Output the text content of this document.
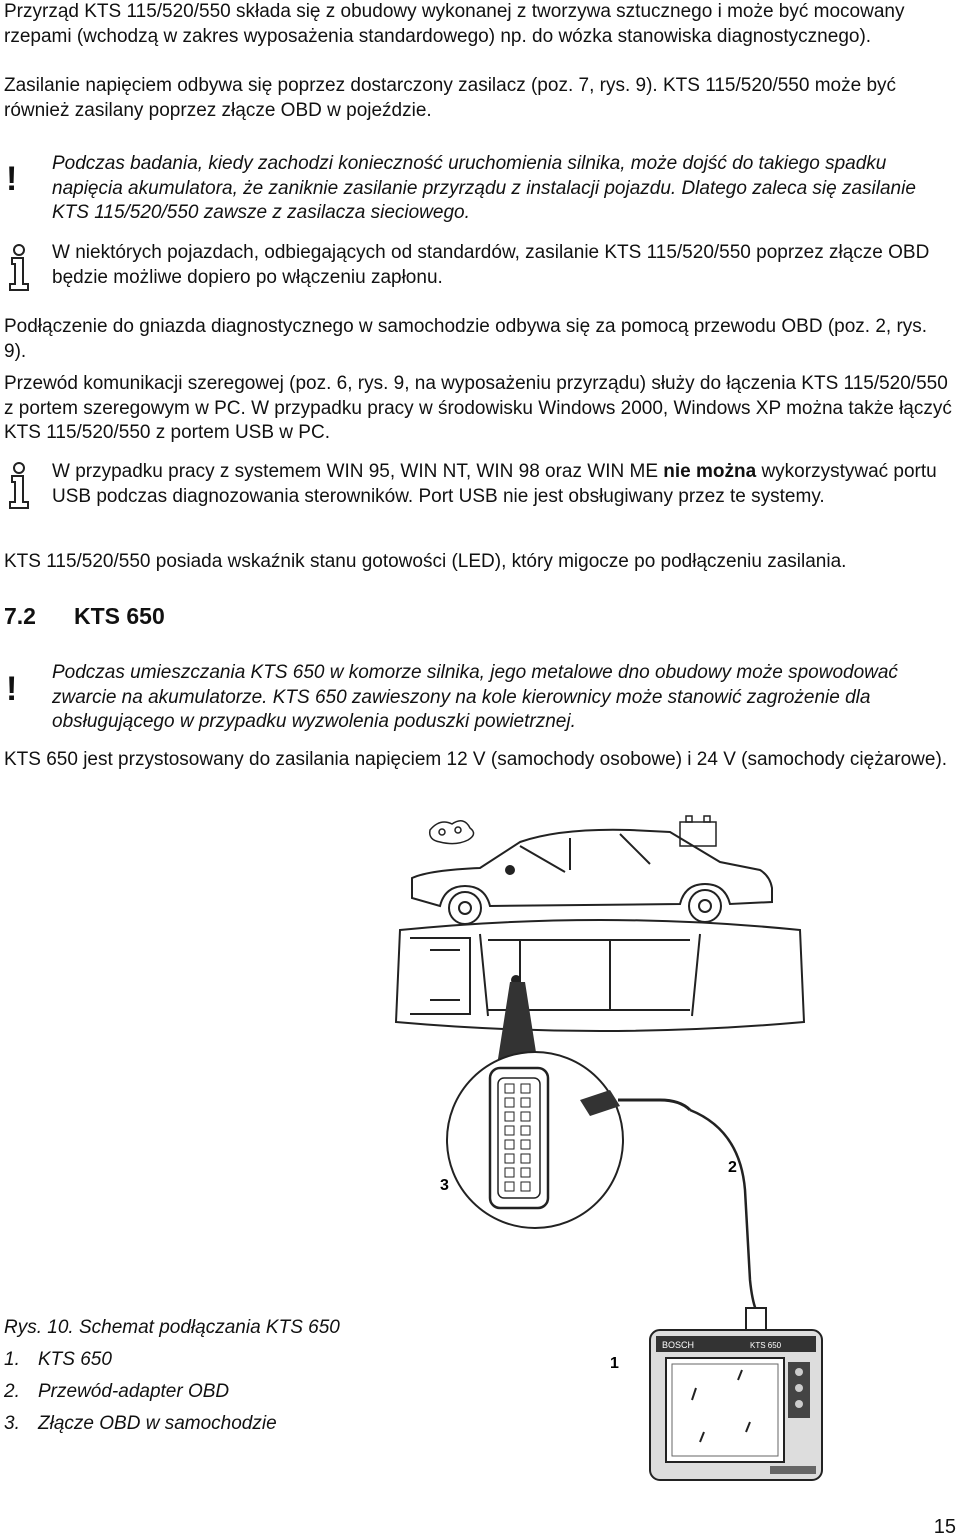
Przyrząd KTS 115/520/550 składa się z obudowy wykonanej z tworzywa sztucznego i może być mocowany rzepami (wchodzą w zakres wyposażenia standardowego) np. do wózka stanowiska diagnostycznego).

Zasilanie napięciem odbywa się poprzez dostarczony zasilacz (poz. 7, rys. 9). KTS 115/520/550 może być również zasilany poprzez złącze OBD w pojeździe.

! Podczas badania, kiedy zachodzi konieczność uruchomienia silnika, może dojść do takiego spadku napięcia akumulatora, że zaniknie zasilanie przyrządu z instalacji pojazdu. Dlatego zaleca się zasilanie KTS 115/520/550 zawsze z zasilacza sieciowego.

W niektórych pojazdach, odbiegających od standardów, zasilanie KTS 115/520/550 poprzez złącze OBD będzie możliwe dopiero po włączeniu zapłonu.

Podłączenie do gniazda diagnostycznego w samochodzie odbywa się za pomocą przewodu OBD (poz. 2, rys. 9).

Przewód komunikacji szeregowej (poz. 6, rys. 9, na wyposażeniu przyrządu) służy do łączenia KTS 115/520/550 z portem szeregowym w PC. W przypadku pracy w środowisku Windows 2000, Windows XP można także łączyć KTS 115/520/550 z portem USB w PC.

W przypadku pracy z systemem WIN 95, WIN NT, WIN 98 oraz WIN ME nie można wykorzystywać portu USB podczas diagnozowania sterowników. Port USB nie jest obsługiwany przez te systemy.

KTS 115/520/550 posiada wskaźnik stanu gotowości (LED), który migocze po podłączeniu zasilania.

7.2 KTS 650
! Podczas umieszczania KTS 650 w komorze silnika, jego metalowe dno obudowy może spowodować zwarcie na akumulatorze. KTS 650 zawieszony na kole kierownicy może stanowić zagrożenie dla obsługującego w przypadku wyzwolenia poduszki powietrznej.

KTS 650 jest przystosowany do zasilania napięciem 12 V (samochody osobowe) i 24 V (samochody ciężarowe).

3
2
1
BOSCH	KTS 650
Rys. 10. Schemat podłączania KTS 650
1. KTS 650
2. Przewód-adapter OBD
3. Złącze OBD w samochodzie
15
